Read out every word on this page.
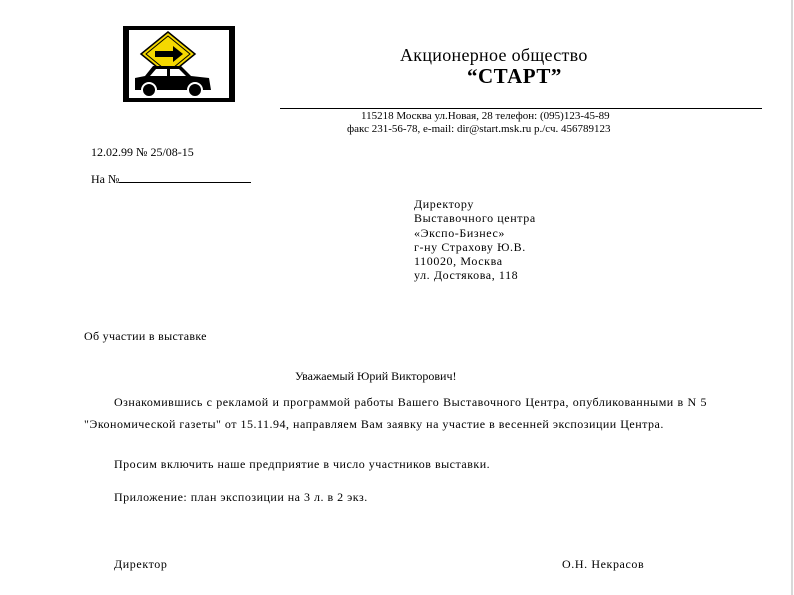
Акционерное общество
“СТАРТ”
115218 Москва ул.Новая, 28 телефон: (095)123-45-89
факс 231-56-78, e-mail: dir@start.msk.ru р./сч. 456789123
12.02.99 № 25/08-15
На №
Директору
Выставочного центра
«Экспо-Бизнес»
г-ну Страхову Ю.В.
110020, Москва
ул. Достякова, 118
Об участии в выставке
Уважаемый Юрий Викторович!
Ознакомившись с рекламой и программой работы Вашего Выставочного Центра, опубликованными в N 5 "Экономической газеты" от 15.11.94, направляем Вам заявку на участие в весенней экспозиции Центра.
Просим включить наше предприятие в число участников выставки.
Приложение: план экспозиции на 3 л. в 2 экз.
Директор	О.Н. Некрасов
